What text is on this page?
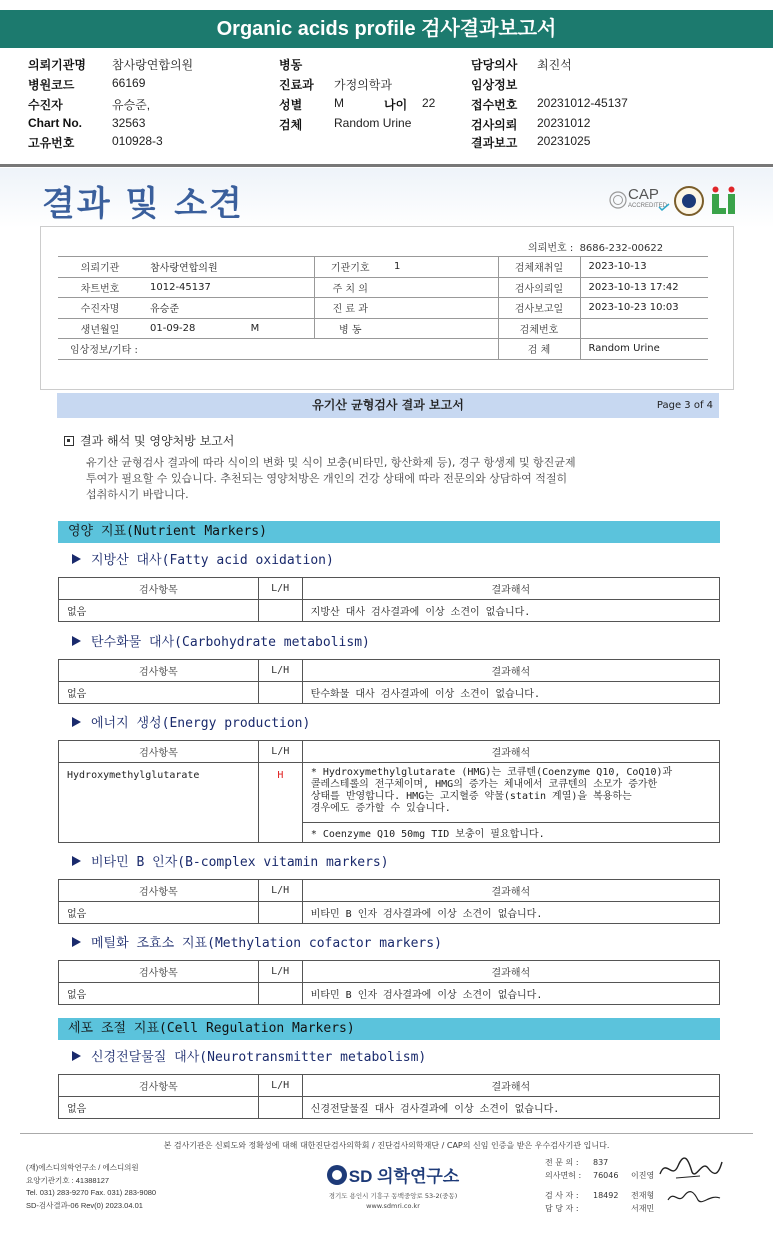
Organic acids profile 검사결과보고서
의뢰기관명 참사랑연합의원
병원코드	66169
수진자	유승준,
Chart No.	32563
고유번호	010928-3
병동
진료과 가정의학과
성별	M	나이 22
검체	Random Urine
담당의사 최진석
임상정보
접수번호 20231012-45137
검사의뢰 20231012
결과보고 20231025
결과 및 소견	CAP
ACCREDITED
의뢰번호 : 8686-232-00622
의뢰기관	참사랑연합의원	기관기호	1	검체채취일	2023-10-13
차트번호	1012-45137	주 치 의		검사의뢰일	2023-10-13 17:42
수진자명	유승준	진 료 과		검사보고일	2023-10-23 10:03
생년월일	01-09-28 M	병 동		검체번호	
임상정보/기타 :				검 체	Random Urine
유기산 균형검사 결과 보고서	Page 3 of 4
결과 해석 및 영양처방 보고서
유기산 균형검사 결과에 따라 식이의 변화 및 식이 보충(비타민, 항산화제 등), 경구 항생제 및 항진균제
투여가 필요할 수 있습니다. 추천되는 영양처방은 개인의 건강 상태에 따라 전문의와 상담하여 적절히
섭취하시기 바랍니다.
영양 지표(Nutrient Markers)
지방산 대사(Fatty acid oxidation)
검사항목	L/H	결과해석
없음		지방산 대사 검사결과에 이상 소견이 없습니다.
탄수화물 대사(Carbohydrate metabolism)
검사항목	L/H	결과해석
없음		탄수화물 대사 검사결과에 이상 소견이 없습니다.
에너지 생성(Energy production)
검사항목	L/H	결과해석
Hydroxymethylglutarate	H	* Hydroxymethylglutarate (HMG)는 코큐텐(Coenzyme Q10, CoQ10)과
콜레스테롤의 전구체이며, HMG의 증가는 체내에서 코큐텐의 소모가 증가한
상태를 반영합니다. HMG는 고지혈증 약물(statin 계열)을 복용하는
경우에도 증가할 수 있습니다.

		* Coenzyme Q10 50mg TID 보충이 필요합니다.
비타민 B 인자(B-complex vitamin markers)
검사항목	L/H	결과해석
없음		비타민 B 인자 검사결과에 이상 소견이 없습니다.
메틸화 조효소 지표(Methylation cofactor markers)
검사항목	L/H	결과해석
없음		비타민 B 인자 검사결과에 이상 소견이 없습니다.
세포 조절 지표(Cell Regulation Markers)
신경전달물질 대사(Neurotransmitter metabolism)
검사항목	L/H	결과해석
없음		신경전달물질 대사 검사결과에 이상 소견이 없습니다.
본 검사기관은 신뢰도와 정확성에 대해 대한진단검사의학회 / 진단검사의학재단 / CAP의 신임 인증을 받은 우수검사기관 입니다.
(재)에스디의학연구소 / 에스디의원
요양기관기호 : 41388127
Tel. 031) 283-9270 Fax. 031) 283-9080
SD-검사결과-06 Rev(0) 2023.04.01
SD 의학연구소
경기도 용인시 기흥구 동백중앙로 53-2(중동)
www.sdmri.co.kr
전 문 의 : 837
의사면허 : 76046 이진영
검 사 자 : 18492 전재형
담 당 자 :	서재민
